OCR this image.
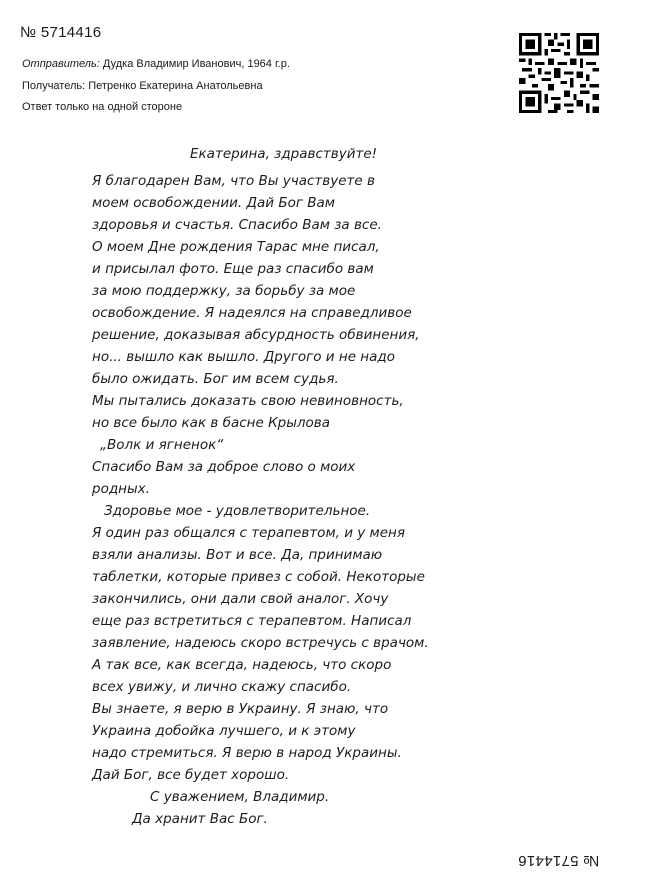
№ 5714416
Отправитель: Дудка Владимир Иванович, 1964 г.р.
Получатель: Петренко Екатерина Анатольевна
Ответ только на одной стороне
Екатерина, здравствуйте!
Я благодарен Вам, что Вы участвуете в
моем освобождении. Дай Бог Вам
здоровья и счастья. Спасибо Вам за все.
О моем Дне рождения Тарас мне писал,
и присылал фото. Еще раз спасибо вам
за мою поддержку, за борьбу за мое
освобождение. Я надеялся на справедливое
решение, доказывая абсурдность обвинения,
но... вышло как вышло. Другого и не надо
было ожидать. Бог им всем судья.
Мы пытались доказать свою невиновность,
но все было как в басне Крылова
„Волк и ягненок“
Спасибо Вам за доброе слово о моих
родных.
Здоровье мое - удовлетворительное.
Я один раз общался с терапевтом, и у меня
взяли анализы. Вот и все. Да, принимаю
таблетки, которые привез с собой. Некоторые
закончились, они дали свой аналог. Хочу
еще раз встретиться с терапевтом. Написал
заявление, надеюсь скоро встречусь с врачом.
А так все, как всегда, надеюсь, что скоро
всех увижу, и лично скажу спасибо.
Вы знаете, я верю в Украину. Я знаю, что
Украина добойка лучшего, и к этому
надо стремиться. Я верю в народ Украины.
Дай Бог, все будет хорошо.
С уважением, Владимир.
Да хранит Вас Бог.
№ 5714416
